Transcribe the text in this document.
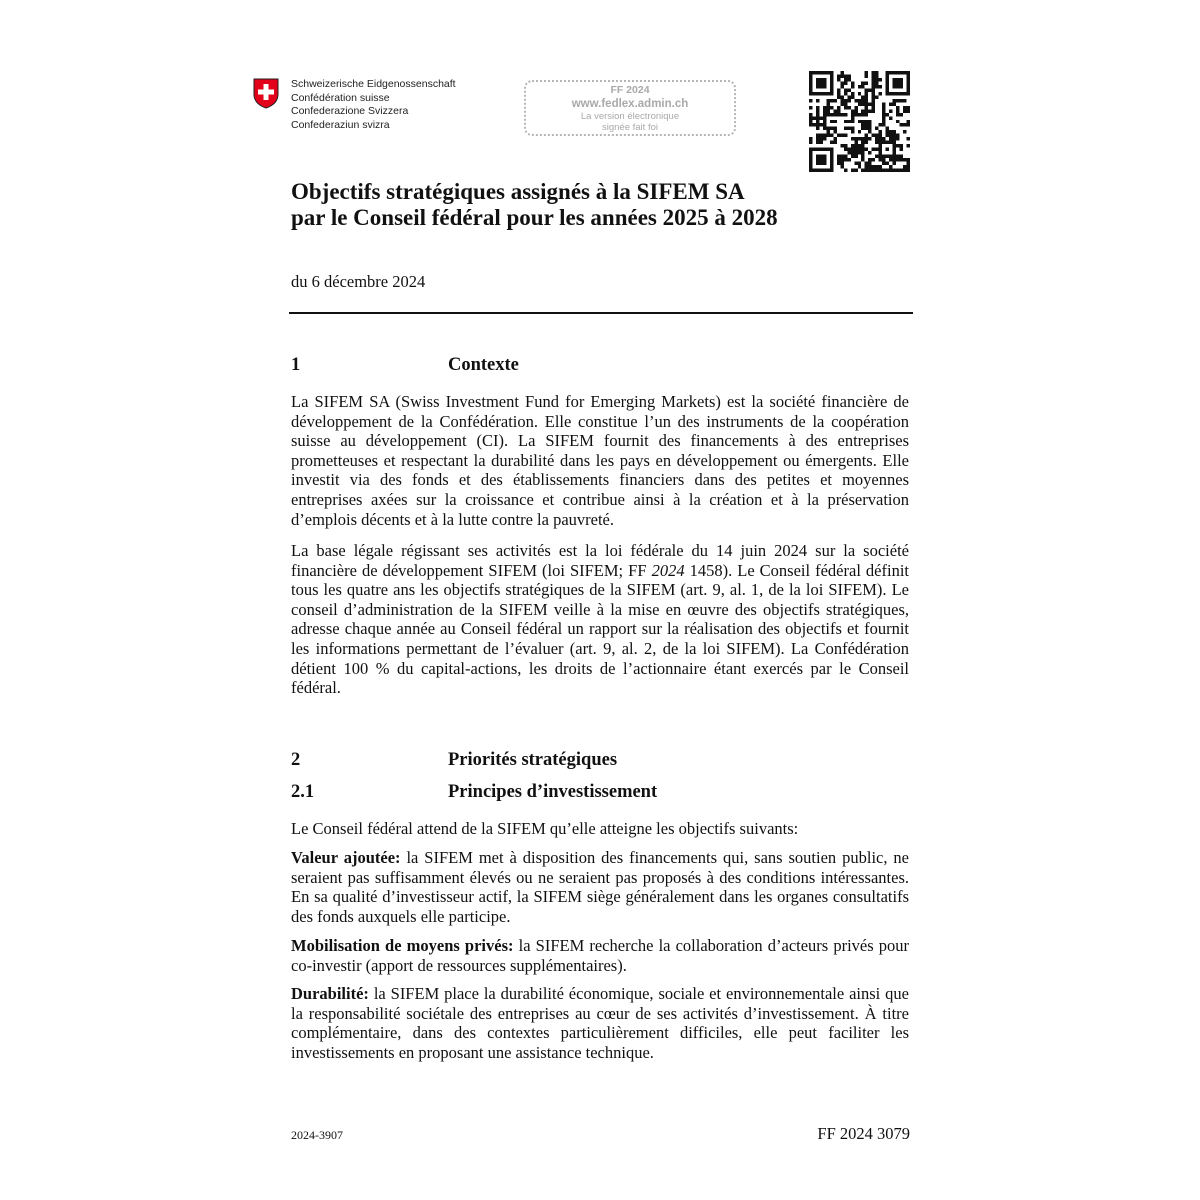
Schweizerische Eidgenossenschaft
Confédération suisse
Confederazione Svizzera
Confederaziun svizra
FF 2024
www.fedlex.admin.ch
La version électronique
signée fait foi
Objectifs stratégiques assignés à la SIFEM SA
par le Conseil fédéral pour les années 2025 à 2028
du 6 décembre 2024
1	Contexte
La SIFEM SA (Swiss Investment Fund for Emerging Markets) est la société financière de développement de la Confédération. Elle constitue l’un des instruments de la coopération suisse au développement (CI). La SIFEM fournit des financements à des entreprises prometteuses et respectant la durabilité dans les pays en développement ou émergents. Elle investit via des fonds et des établissements financiers dans des petites et moyennes entreprises axées sur la croissance et contribue ainsi à la création et à la préservation d’emplois décents et à la lutte contre la pauvreté.
La base légale régissant ses activités est la loi fédérale du 14 juin 2024 sur la société financière de développement SIFEM (loi SIFEM; FF 2024 1458). Le Conseil fédéral définit tous les quatre ans les objectifs stratégiques de la SIFEM (art. 9, al. 1, de la loi SIFEM). Le conseil d’administration de la SIFEM veille à la mise en œuvre des objectifs stratégiques, adresse chaque année au Conseil fédéral un rapport sur la réalisation des objectifs et fournit les informations permettant de l’évaluer (art. 9, al. 2, de la loi SIFEM). La Confédération détient 100 % du capital-actions, les droits de l’actionnaire étant exercés par le Conseil fédéral.
2	Priorités stratégiques
2.1	Principes d’investissement
Le Conseil fédéral attend de la SIFEM qu’elle atteigne les objectifs suivants:
Valeur ajoutée: la SIFEM met à disposition des financements qui, sans soutien public, ne seraient pas suffisamment élevés ou ne seraient pas proposés à des conditions intéressantes. En sa qualité d’investisseur actif, la SIFEM siège généralement dans les organes consultatifs des fonds auxquels elle participe.
Mobilisation de moyens privés: la SIFEM recherche la collaboration d’acteurs privés pour co-investir (apport de ressources supplémentaires).
Durabilité: la SIFEM place la durabilité économique, sociale et environnementale ainsi que la responsabilité sociétale des entreprises au cœur de ses activités d’investissement. À titre complémentaire, dans des contextes particulièrement difficiles, elle peut faciliter les investissements en proposant une assistance technique.
2024-3907	FF 2024 3079
